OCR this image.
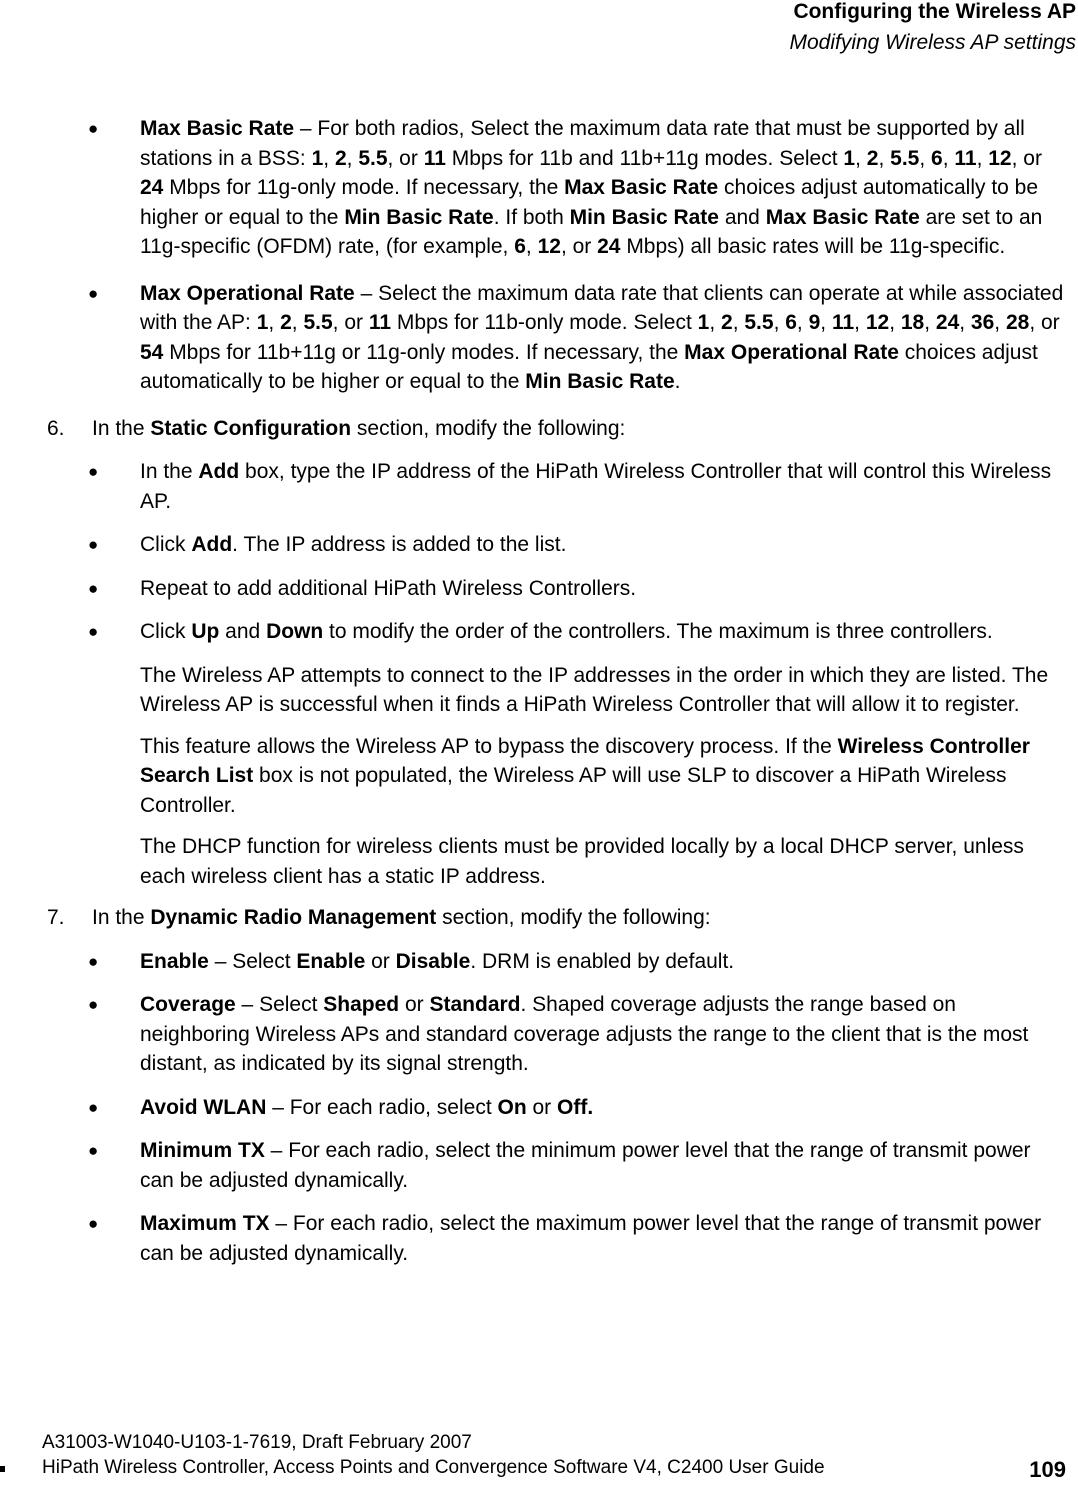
Configuring the Wireless AP
Modifying Wireless AP settings

● Max Basic Rate – For both radios, Select the maximum data rate that must be supported by all stations in a BSS: 1, 2, 5.5, or 11 Mbps for 11b and 11b+11g modes. Select 1, 2, 5.5, 6, 11, 12, or 24 Mbps for 11g-only mode. If necessary, the Max Basic Rate choices adjust automatically to be higher or equal to the Min Basic Rate. If both Min Basic Rate and Max Basic Rate are set to an 11g-specific (OFDM) rate, (for example, 6, 12, or 24 Mbps) all basic rates will be 11g-specific.

● Max Operational Rate – Select the maximum data rate that clients can operate at while associated with the AP: 1, 2, 5.5, or 11 Mbps for 11b-only mode. Select 1, 2, 5.5, 6, 9, 11, 12, 18, 24, 36, 28, or 54 Mbps for 11b+11g or 11g-only modes. If necessary, the Max Operational Rate choices adjust automatically to be higher or equal to the Min Basic Rate.

6. In the Static Configuration section, modify the following:

● In the Add box, type the IP address of the HiPath Wireless Controller that will control this Wireless AP.

● Click Add. The IP address is added to the list.

● Repeat to add additional HiPath Wireless Controllers.

● Click Up and Down to modify the order of the controllers. The maximum is three controllers.

The Wireless AP attempts to connect to the IP addresses in the order in which they are listed. The Wireless AP is successful when it finds a HiPath Wireless Controller that will allow it to register.

This feature allows the Wireless AP to bypass the discovery process. If the Wireless Controller Search List box is not populated, the Wireless AP will use SLP to discover a HiPath Wireless Controller.

The DHCP function for wireless clients must be provided locally by a local DHCP server, unless each wireless client has a static IP address.

7. In the Dynamic Radio Management section, modify the following:

● Enable – Select Enable or Disable. DRM is enabled by default.

● Coverage – Select Shaped or Standard. Shaped coverage adjusts the range based on neighboring Wireless APs and standard coverage adjusts the range to the client that is the most distant, as indicated by its signal strength.

● Avoid WLAN – For each radio, select On or Off.

● Minimum TX – For each radio, select the minimum power level that the range of transmit power can be adjusted dynamically.

● Maximum TX – For each radio, select the maximum power level that the range of transmit power can be adjusted dynamically.

A31003-W1040-U103-1-7619, Draft February 2007
HiPath Wireless Controller, Access Points and Convergence Software V4, C2400 User Guide	109
